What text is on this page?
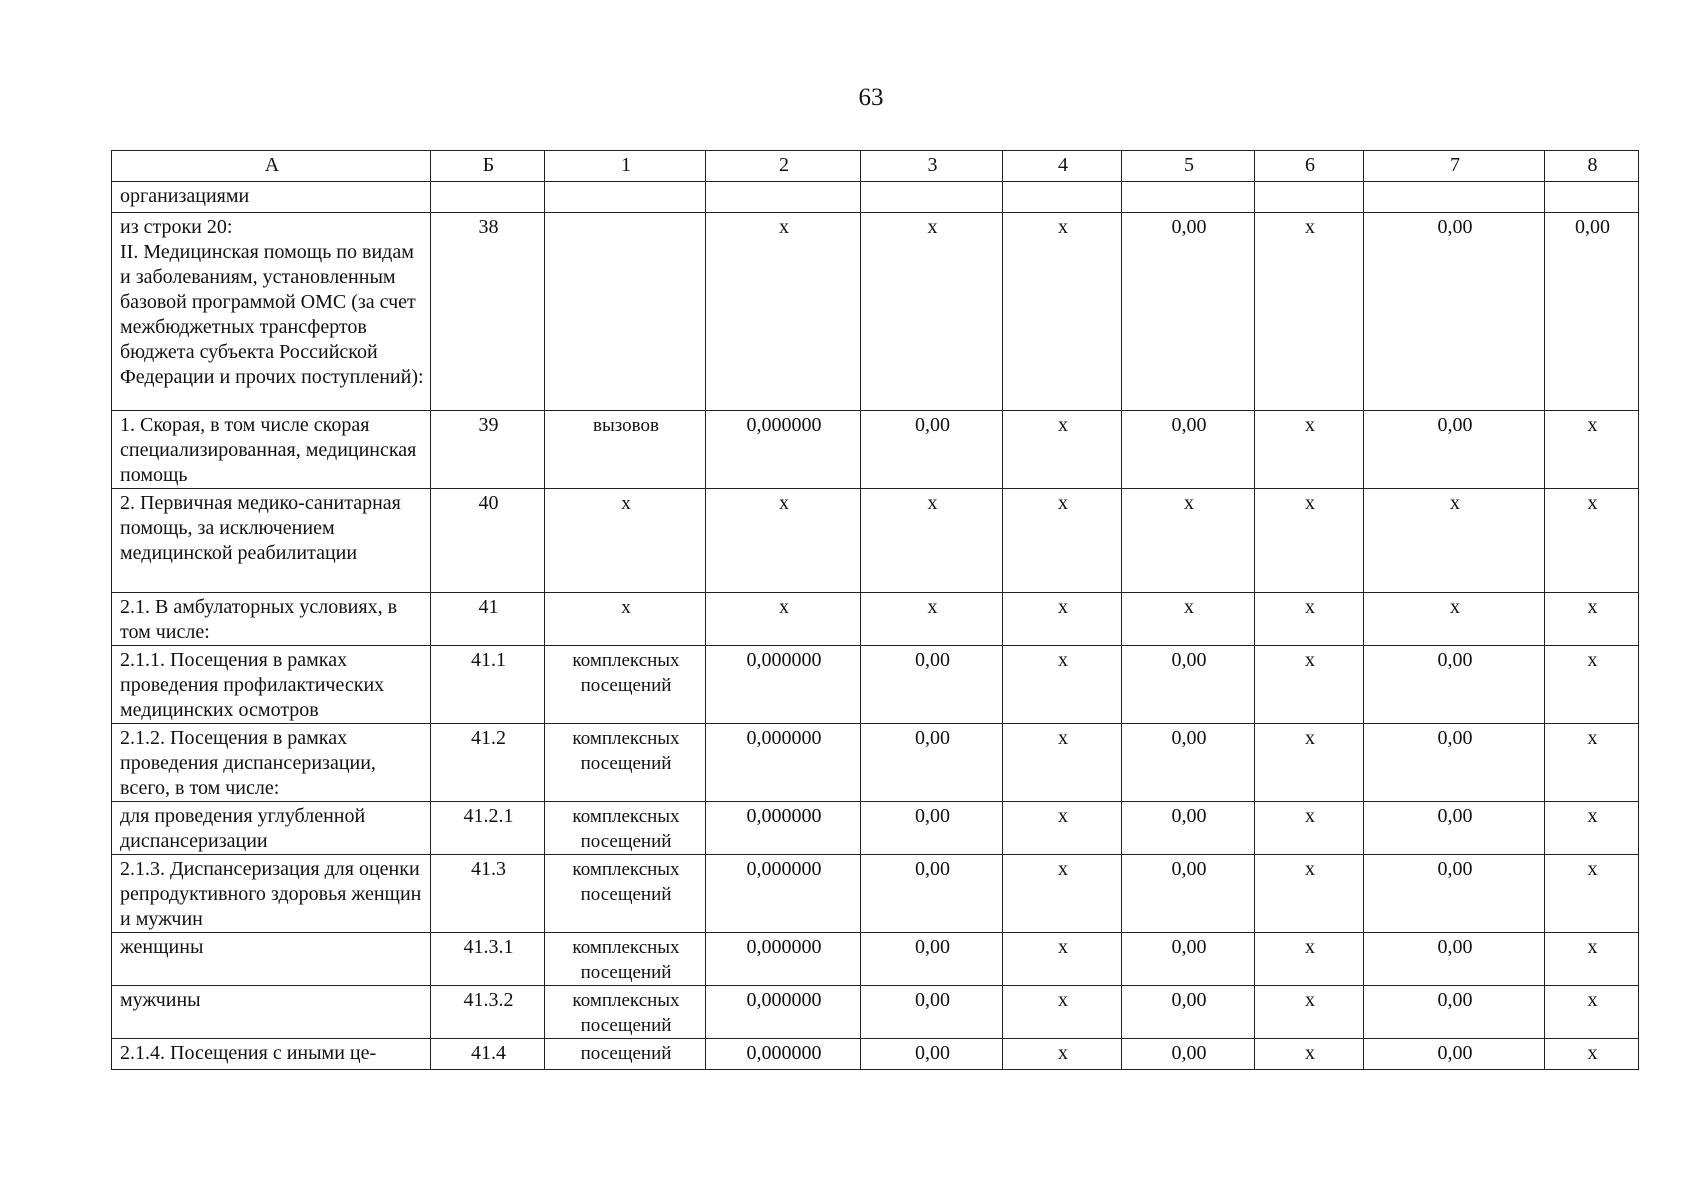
63
А	Б	1	2	3	4	5	6	7	8
организациями									
из строки 20:
II. Медицинская помощь по видам и заболеваниям, установленным базовой программой ОМС (за счет межбюджетных трансфертов бюджета субъекта Российской Федерации и прочих поступлений):	38		х	х	х	0,00	х	0,00	0,00
1. Скорая, в том числе скорая специализированная, медицинская помощь	39	вызовов	0,000000	0,00	х	0,00	х	0,00	х
2. Первичная медико-санитарная помощь, за исключением медицинской реабилитации	40	х	х	х	х	х	х	х	х
2.1. В амбулаторных условиях, в том числе:	41	х	х	х	х	х	х	х	х
2.1.1. Посещения в рамках проведения профилактических медицинских осмотров	41.1	комплексных посещений	0,000000	0,00	х	0,00	х	0,00	х
2.1.2. Посещения в рамках проведения диспансеризации, всего, в том числе:	41.2	комплексных посещений	0,000000	0,00	х	0,00	х	0,00	х
для проведения углубленной диспансеризации	41.2.1	комплексных посещений	0,000000	0,00	х	0,00	х	0,00	х
2.1.3. Диспансеризация для оценки репродуктивного здоровья женщин и мужчин	41.3	комплексных посещений	0,000000	0,00	х	0,00	х	0,00	х
женщины	41.3.1	комплексных посещений	0,000000	0,00	х	0,00	х	0,00	х
мужчины	41.3.2	комплексных посещений	0,000000	0,00	х	0,00	х	0,00	х
2.1.4. Посещения с иными це-	41.4	посещений	0,000000	0,00	х	0,00	х	0,00	х
